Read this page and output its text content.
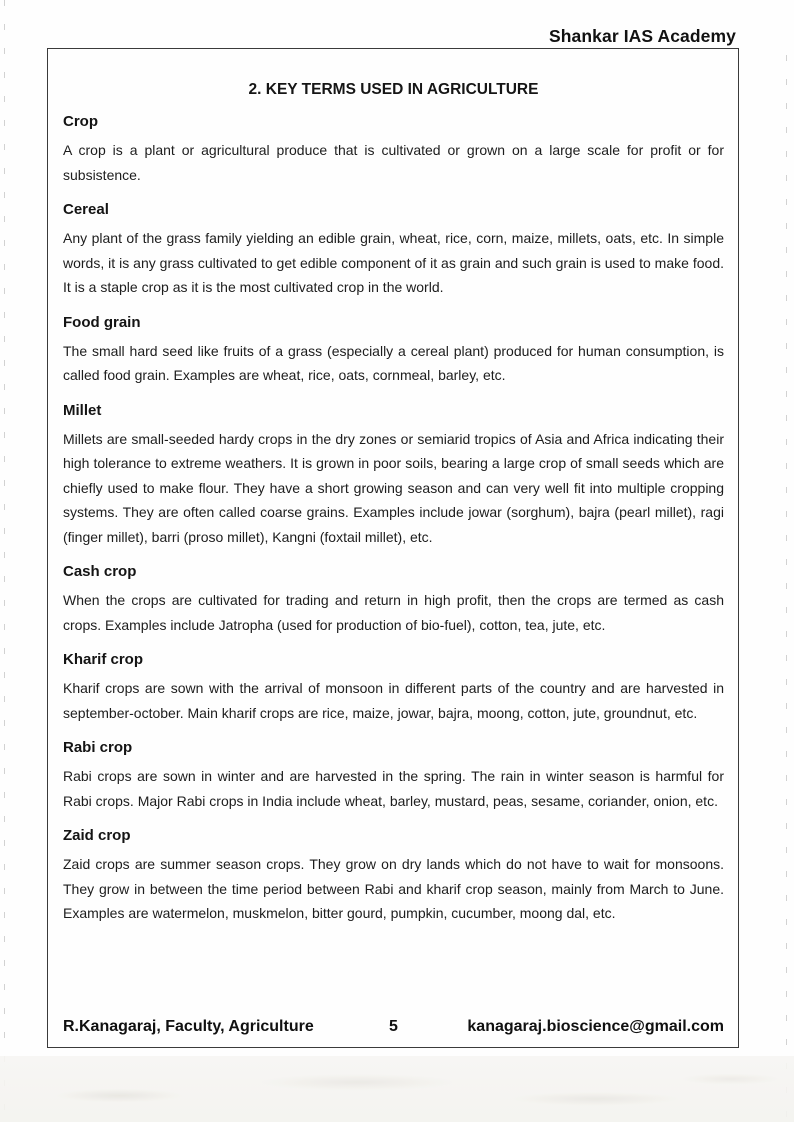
Shankar IAS Academy
2. KEY TERMS USED IN AGRICULTURE
Crop

A crop is a plant or agricultural produce that is cultivated or grown on a large scale for profit or for subsistence.

Cereal

Any plant of the grass family yielding an edible grain, wheat, rice, corn, maize, millets, oats, etc. In simple words, it is any grass cultivated to get edible component of it as grain and such grain is used to make food. It is a staple crop as it is the most cultivated crop in the world.

Food grain

The small hard seed like fruits of a grass (especially a cereal plant) produced for human consumption, is called food grain. Examples are wheat, rice, oats, cornmeal, barley, etc.

Millet

Millets are small-seeded hardy crops in the dry zones or semiarid tropics of Asia and Africa indicating their high tolerance to extreme weathers. It is grown in poor soils, bearing a large crop of small seeds which are chiefly used to make flour. They have a short growing season and can very well fit into multiple cropping systems. They are often called coarse grains. Examples include jowar (sorghum), bajra (pearl millet), ragi (finger millet), barri (proso millet), Kangni (foxtail millet), etc.

Cash crop

When the crops are cultivated for trading and return in high profit, then the crops are termed as cash crops. Examples include Jatropha (used for production of bio-fuel), cotton, tea, jute, etc.

Kharif crop

Kharif crops are sown with the arrival of monsoon in different parts of the country and are harvested in september-october. Main kharif crops are rice, maize, jowar, bajra, moong, cotton, jute, groundnut, etc.

Rabi crop

Rabi crops are sown in winter and are harvested in the spring. The rain in winter season is harmful for Rabi crops. Major Rabi crops in India include wheat, barley, mustard, peas, sesame, coriander, onion, etc.

Zaid crop

Zaid crops are summer season crops. They grow on dry lands which do not have to wait for monsoons. They grow in between the time period between Rabi and kharif crop season, mainly from March to June. Examples are watermelon, muskmelon, bitter gourd, pumpkin, cucumber, moong dal, etc.

R.Kanagaraj, Faculty, Agriculture	5	kanagaraj.bioscience@gmail.com
